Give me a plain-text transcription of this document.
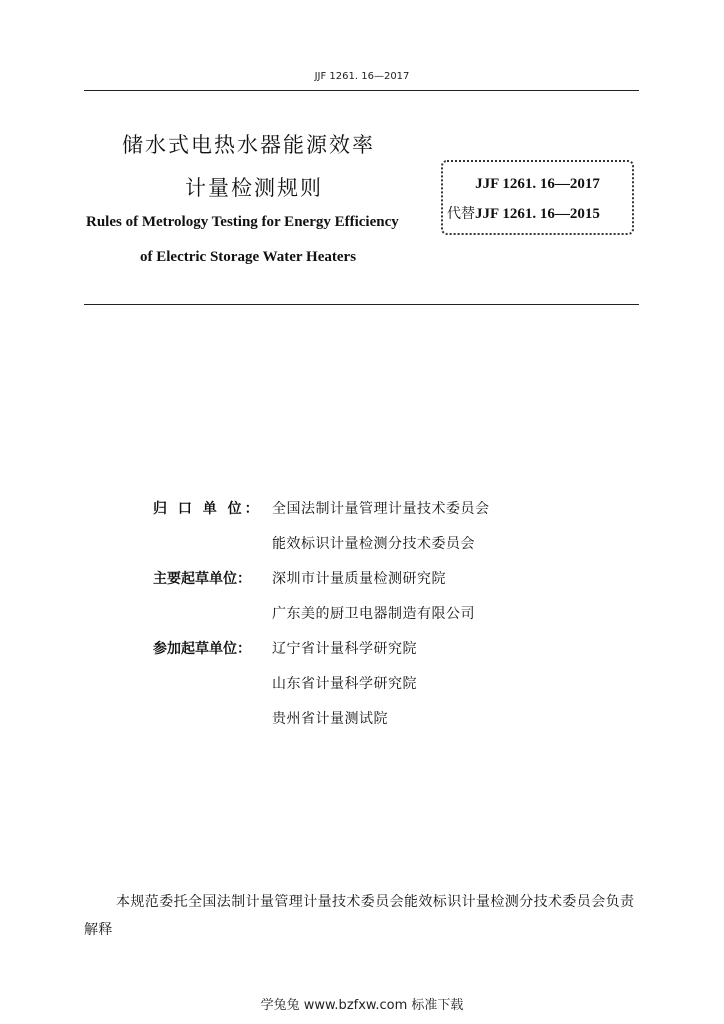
JJF 1261. 16—2017
储水式电热水器能源效率
计量检测规则
Rules of Metrology Testing for Energy Efficiency
of Electric Storage Water Heaters
JJF 1261. 16—2017
代替JJF 1261. 16—2015
归 口 单 位： 全国法制计量管理计量技术委员会
能效标识计量检测分技术委员会
主要起草单位：	深圳市计量质量检测研究院
广东美的厨卫电器制造有限公司
参加起草单位：	辽宁省计量科学研究院
山东省计量科学研究院
贵州省计量测试院
本规范委托全国法制计量管理计量技术委员会能效标识计量检测分技术委员会负责解释
学兔兔 www.bzfxw.com 标准下载
